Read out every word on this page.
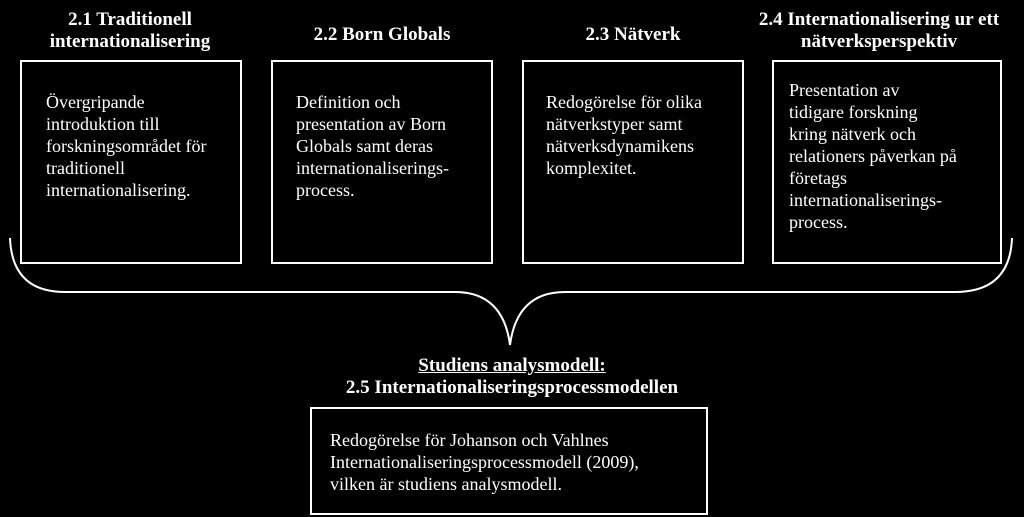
2.1 Traditionell
internationalisering
Övergripande
introduktion till
forskningsområdet för
traditionell
internationalisering.
2.2 Born Globals
Definition och
presentation av Born
Globals samt deras
internationaliserings-
process.
2.3 Nätverk
Redogörelse för olika
nätverkstyper samt
nätverksdynamikens
komplexitet.
2.4 Internationalisering ur ett
nätverksperspektiv
Presentation av
tidigare forskning
kring nätverk och
relationers påverkan på
företags
internationaliserings-
process.
Studiens analysmodell:
2.5 Internationaliseringsprocessmodellen
Redogörelse för Johanson och Vahlnes
Internationaliseringsprocessmodell (2009),
vilken är studiens analysmodell.
